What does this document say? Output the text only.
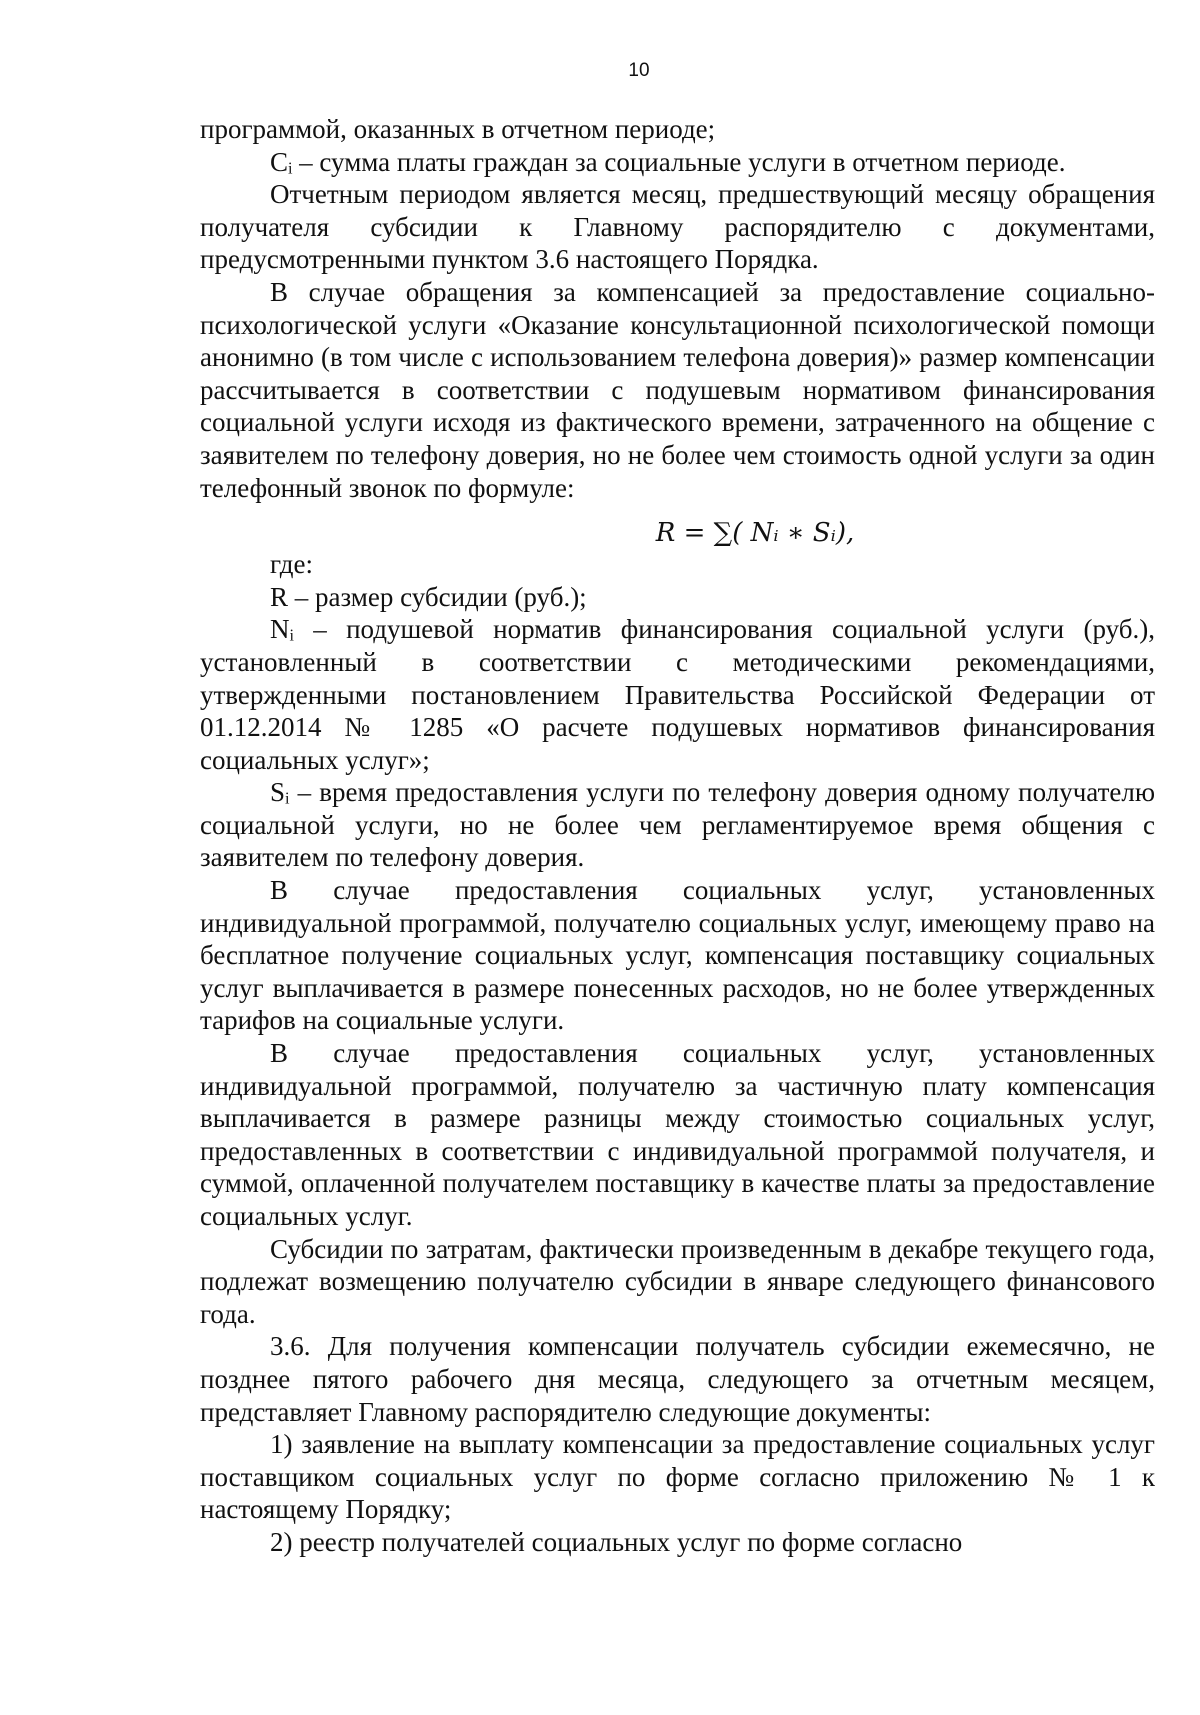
10

программой, оказанных в отчетном периоде;

Cᵢ – сумма платы граждан за социальные услуги в отчетном периоде.

Отчетным периодом является месяц, предшествующий месяцу обращения получателя субсидии к Главному распорядителю с документами, предусмотренными пунктом 3.6 настоящего Порядка.

В случае обращения за компенсацией за предоставление социально-психологической услуги «Оказание консультационной психологической помощи анонимно (в том числе с использованием телефона доверия)» размер компенсации рассчитывается в соответствии с подушевым нормативом финансирования социальной услуги исходя из фактического времени, затраченного на общение с заявителем по телефону доверия, но не более чем стоимость одной услуги за один телефонный звонок по формуле:

R = ∑( Nᵢ ∗ Sᵢ),

где:

R – размер субсидии (руб.);

Nᵢ – подушевой норматив финансирования социальной услуги (руб.), установленный в соответствии с методическими рекомендациями, утвержденными постановлением Правительства Российской Федерации от 01.12.2014 № 1285 «О расчете подушевых нормативов финансирования социальных услуг»;

Sᵢ – время предоставления услуги по телефону доверия одному получателю социальной услуги, но не более чем регламентируемое время общения с заявителем по телефону доверия.

В случае предоставления социальных услуг, установленных индивидуальной программой, получателю социальных услуг, имеющему право на бесплатное получение социальных услуг, компенсация поставщику социальных услуг выплачивается в размере понесенных расходов, но не более утвержденных тарифов на социальные услуги.

В случае предоставления социальных услуг, установленных индивидуальной программой, получателю за частичную плату компенсация выплачивается в размере разницы между стоимостью социальных услуг, предоставленных в соответствии с индивидуальной программой получателя, и суммой, оплаченной получателем поставщику в качестве платы за предоставление социальных услуг.

Субсидии по затратам, фактически произведенным в декабре текущего года, подлежат возмещению получателю субсидии в январе следующего финансового года.

3.6. Для получения компенсации получатель субсидии ежемесячно, не позднее пятого рабочего дня месяца, следующего за отчетным месяцем, представляет Главному распорядителю следующие документы:

1) заявление на выплату компенсации за предоставление социальных услуг поставщиком социальных услуг по форме согласно приложению № 1 к настоящему Порядку;

2) реестр получателей социальных услуг по форме согласно
